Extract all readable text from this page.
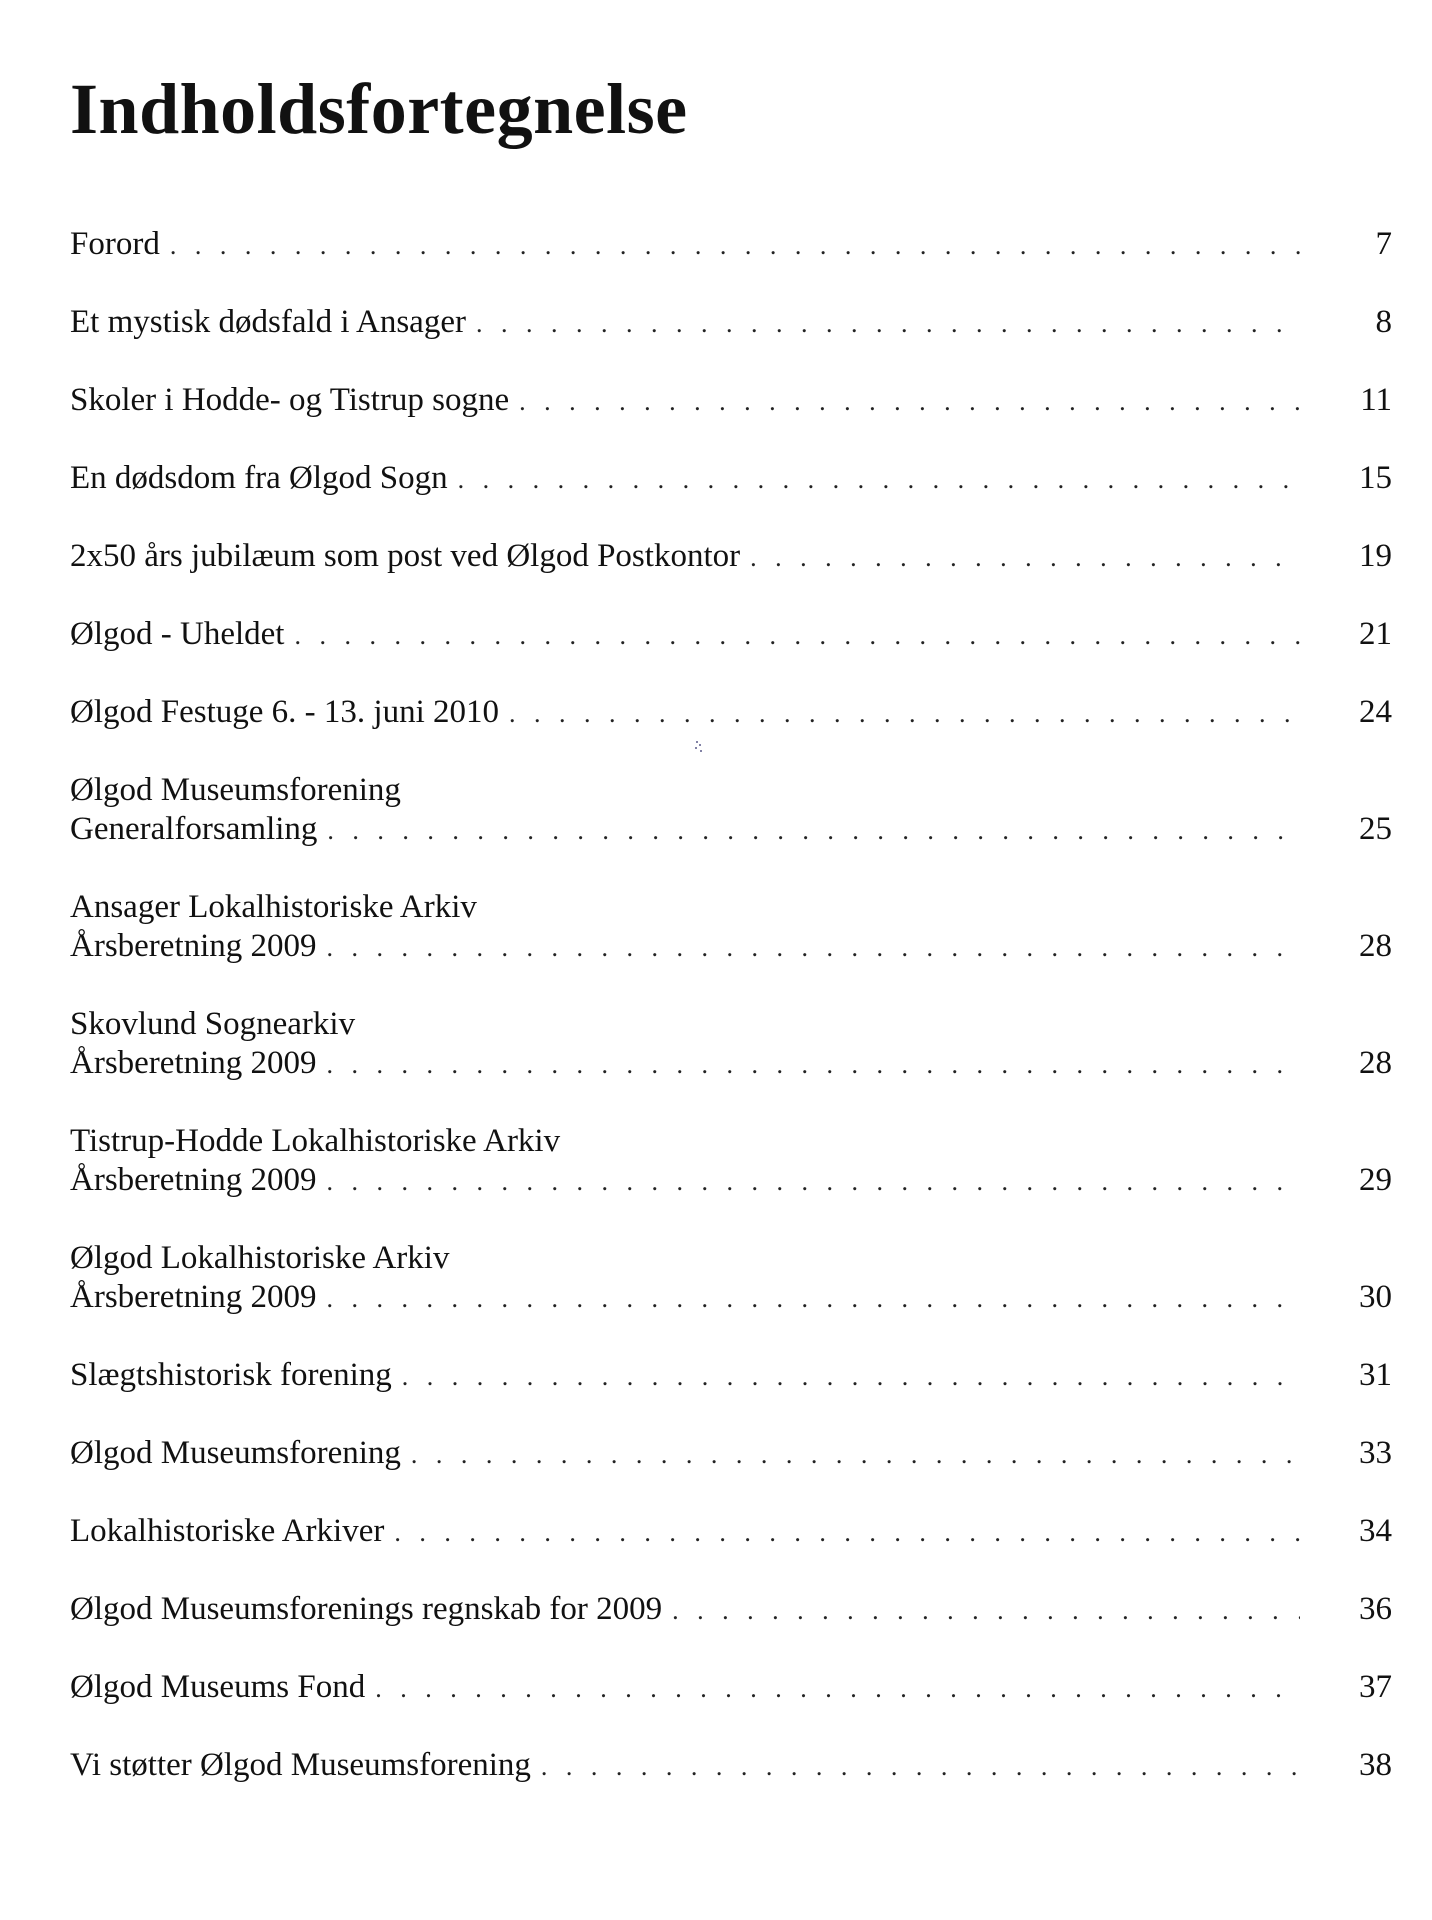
Indholdsfortegnelse
Forord . . .	7
Et mystisk dødsfald i Ansager . . .	8
Skoler i Hodde- og Tistrup sogne . . .	11
En dødsdom fra Ølgod Sogn . . .	15
2x50 års jubilæum som post ved Ølgod Postkontor . . .	19
Ølgod - Uheldet . . .	21
Ølgod Festuge 6. - 13. juni 2010 . . .	24
Ølgod Museumsforening
Generalforsamling . . .	25
Ansager Lokalhistoriske Arkiv
Årsberetning 2009 . . .	28
Skovlund Sognearkiv
Årsberetning 2009 . . .	28
Tistrup-Hodde Lokalhistoriske Arkiv
Årsberetning 2009 . . .	29
Ølgod Lokalhistoriske Arkiv
Årsberetning 2009 . . .	30
Slægtshistorisk forening . . .	31
Ølgod Museumsforening . . .	33
Lokalhistoriske Arkiver . . .	34
Ølgod Museumsforenings regnskab for 2009 . . .	36
Ølgod Museums Fond . . .	37
Vi støtter Ølgod Museumsforening . . .	38
